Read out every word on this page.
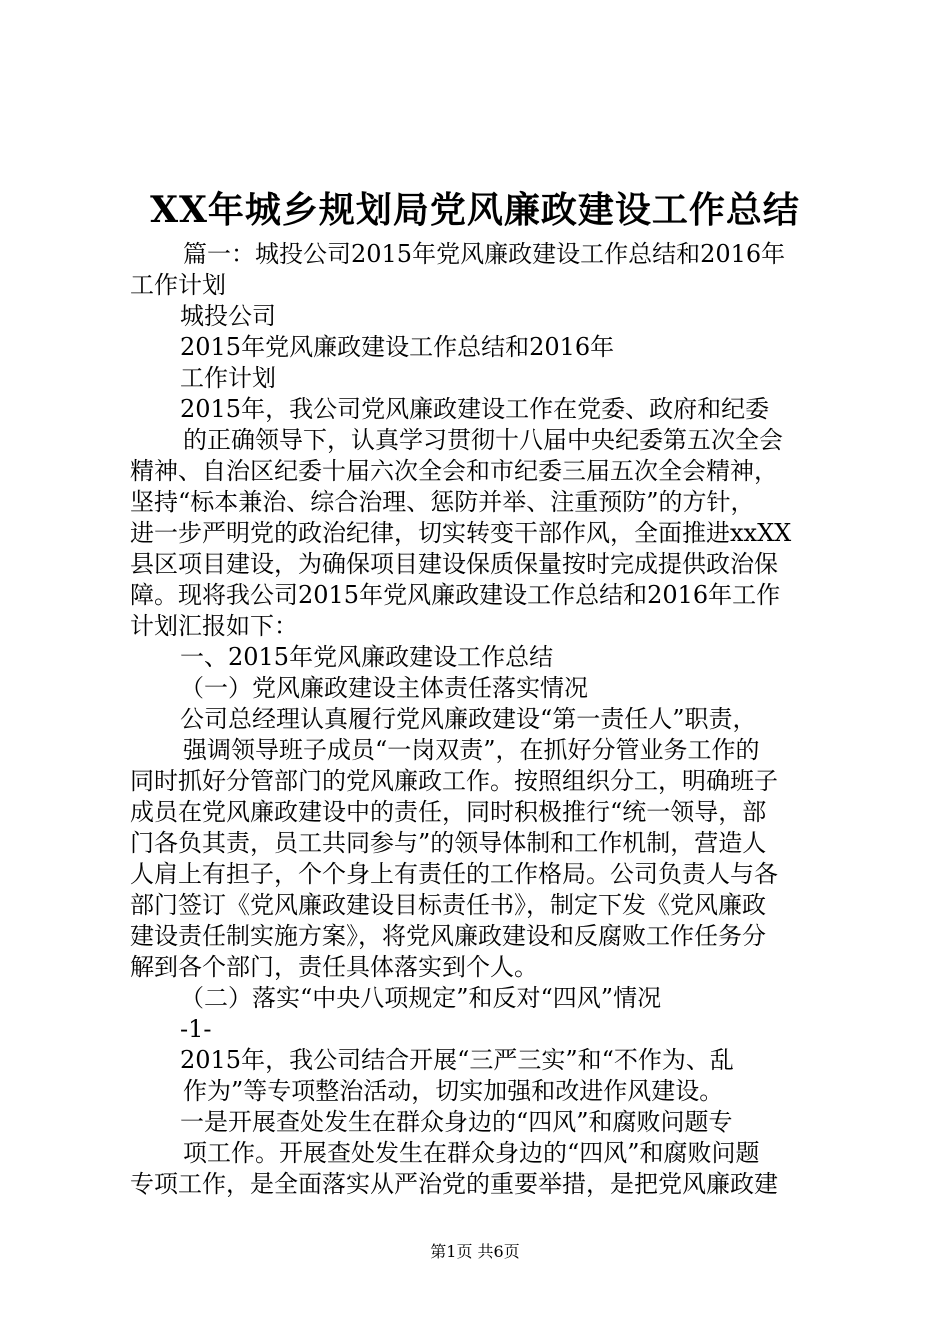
XX年城乡规划局党风廉政建设工作总结
篇一：城投公司2015年党风廉政建设工作总结和2016年
工作计划
城投公司
2015年党风廉政建设工作总结和2016年
工作计划
2015年，我公司党风廉政建设工作在党委、政府和纪委
的正确领导下，认真学习贯彻十八届中央纪委第五次全会
精神、自治区纪委十届六次全会和市纪委三届五次全会精神，
坚持“标本兼治、综合治理、惩防并举、注重预防”的方针，
进一步严明党的政治纪律，切实转变干部作风，全面推进xxXX
县区项目建设，为确保项目建设保质保量按时完成提供政治保
障。现将我公司2015年党风廉政建设工作总结和2016年工作
计划汇报如下：
一、2015年党风廉政建设工作总结
（一）党风廉政建设主体责任落实情况
公司总经理认真履行党风廉政建设“第一责任人”职责，
强调领导班子成员“一岗双责”，在抓好分管业务工作的
同时抓好分管部门的党风廉政工作。按照组织分工，明确班子
成员在党风廉政建设中的责任，同时积极推行“统一领导，部
门各负其责，员工共同参与”的领导体制和工作机制，营造人
人肩上有担子，个个身上有责任的工作格局。公司负责人与各
部门签订《党风廉政建设目标责任书》，制定下发《党风廉政
建设责任制实施方案》，将党风廉政建设和反腐败工作任务分
解到各个部门，责任具体落实到个人。
（二）落实“中央八项规定”和反对“四风”情况
-1-
2015年，我公司结合开展“三严三实”和“不作为、乱
作为”等专项整治活动，切实加强和改进作风建设。
一是开展查处发生在群众身边的“四风”和腐败问题专
项工作。开展查处发生在群众身边的“四风”和腐败问题
专项工作，是全面落实从严治党的重要举措，是把党风廉政建
第1页 共6页
